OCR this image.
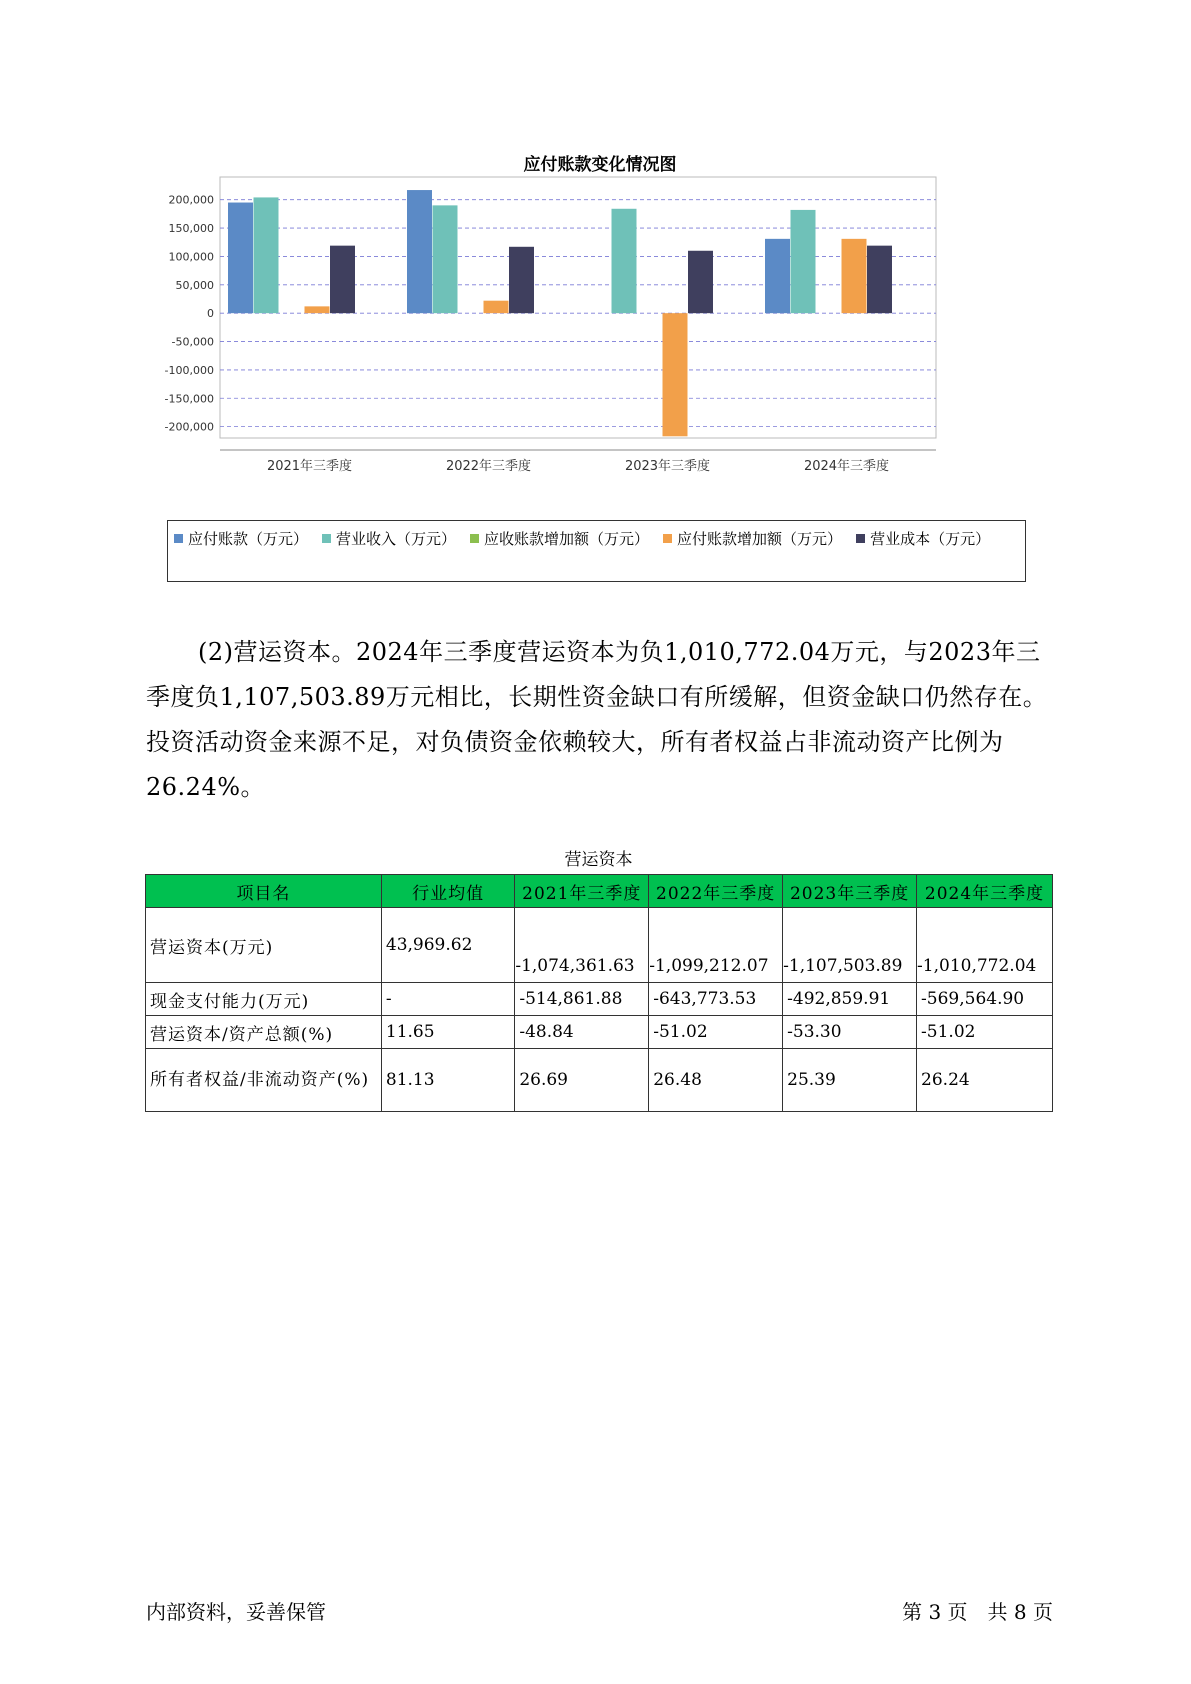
应付账款变化情况图
200,000
150,000
100,000
50,000
0
-50,000
-100,000
-150,000
-200,000
2021年三季度	2022年三季度	2023年三季度	2024年三季度
应付账款（万元） 营业收入（万元） 应收账款增加额（万元） 应付账款增加额（万元） 营业成本（万元）
(2)营运资本。2024年三季度营运资本为负1,010,772.04万元，与2023年三季度负1,107,503.89万元相比，长期性资金缺口有所缓解，但资金缺口仍然存在。投资活动资金来源不足，对负债资金依赖较大，所有者权益占非流动资产比例为26.24%。
营运资本
项目名	行业均值	2021年三季度	2022年三季度	2023年三季度	2024年三季度
营运资本(万元)	43,969.62	-1,074,361.63	-1,099,212.07	-1,107,503.89	-1,010,772.04
现金支付能力(万元)	-	-514,861.88	-643,773.53	-492,859.91	-569,564.90
营运资本/资产总额(%)	11.65	-48.84	-51.02	-53.30	-51.02
所有者权益/非流动资产(%)	81.13	26.69	26.48	25.39	26.24
内部资料，妥善保管	第 3 页　共 8 页
